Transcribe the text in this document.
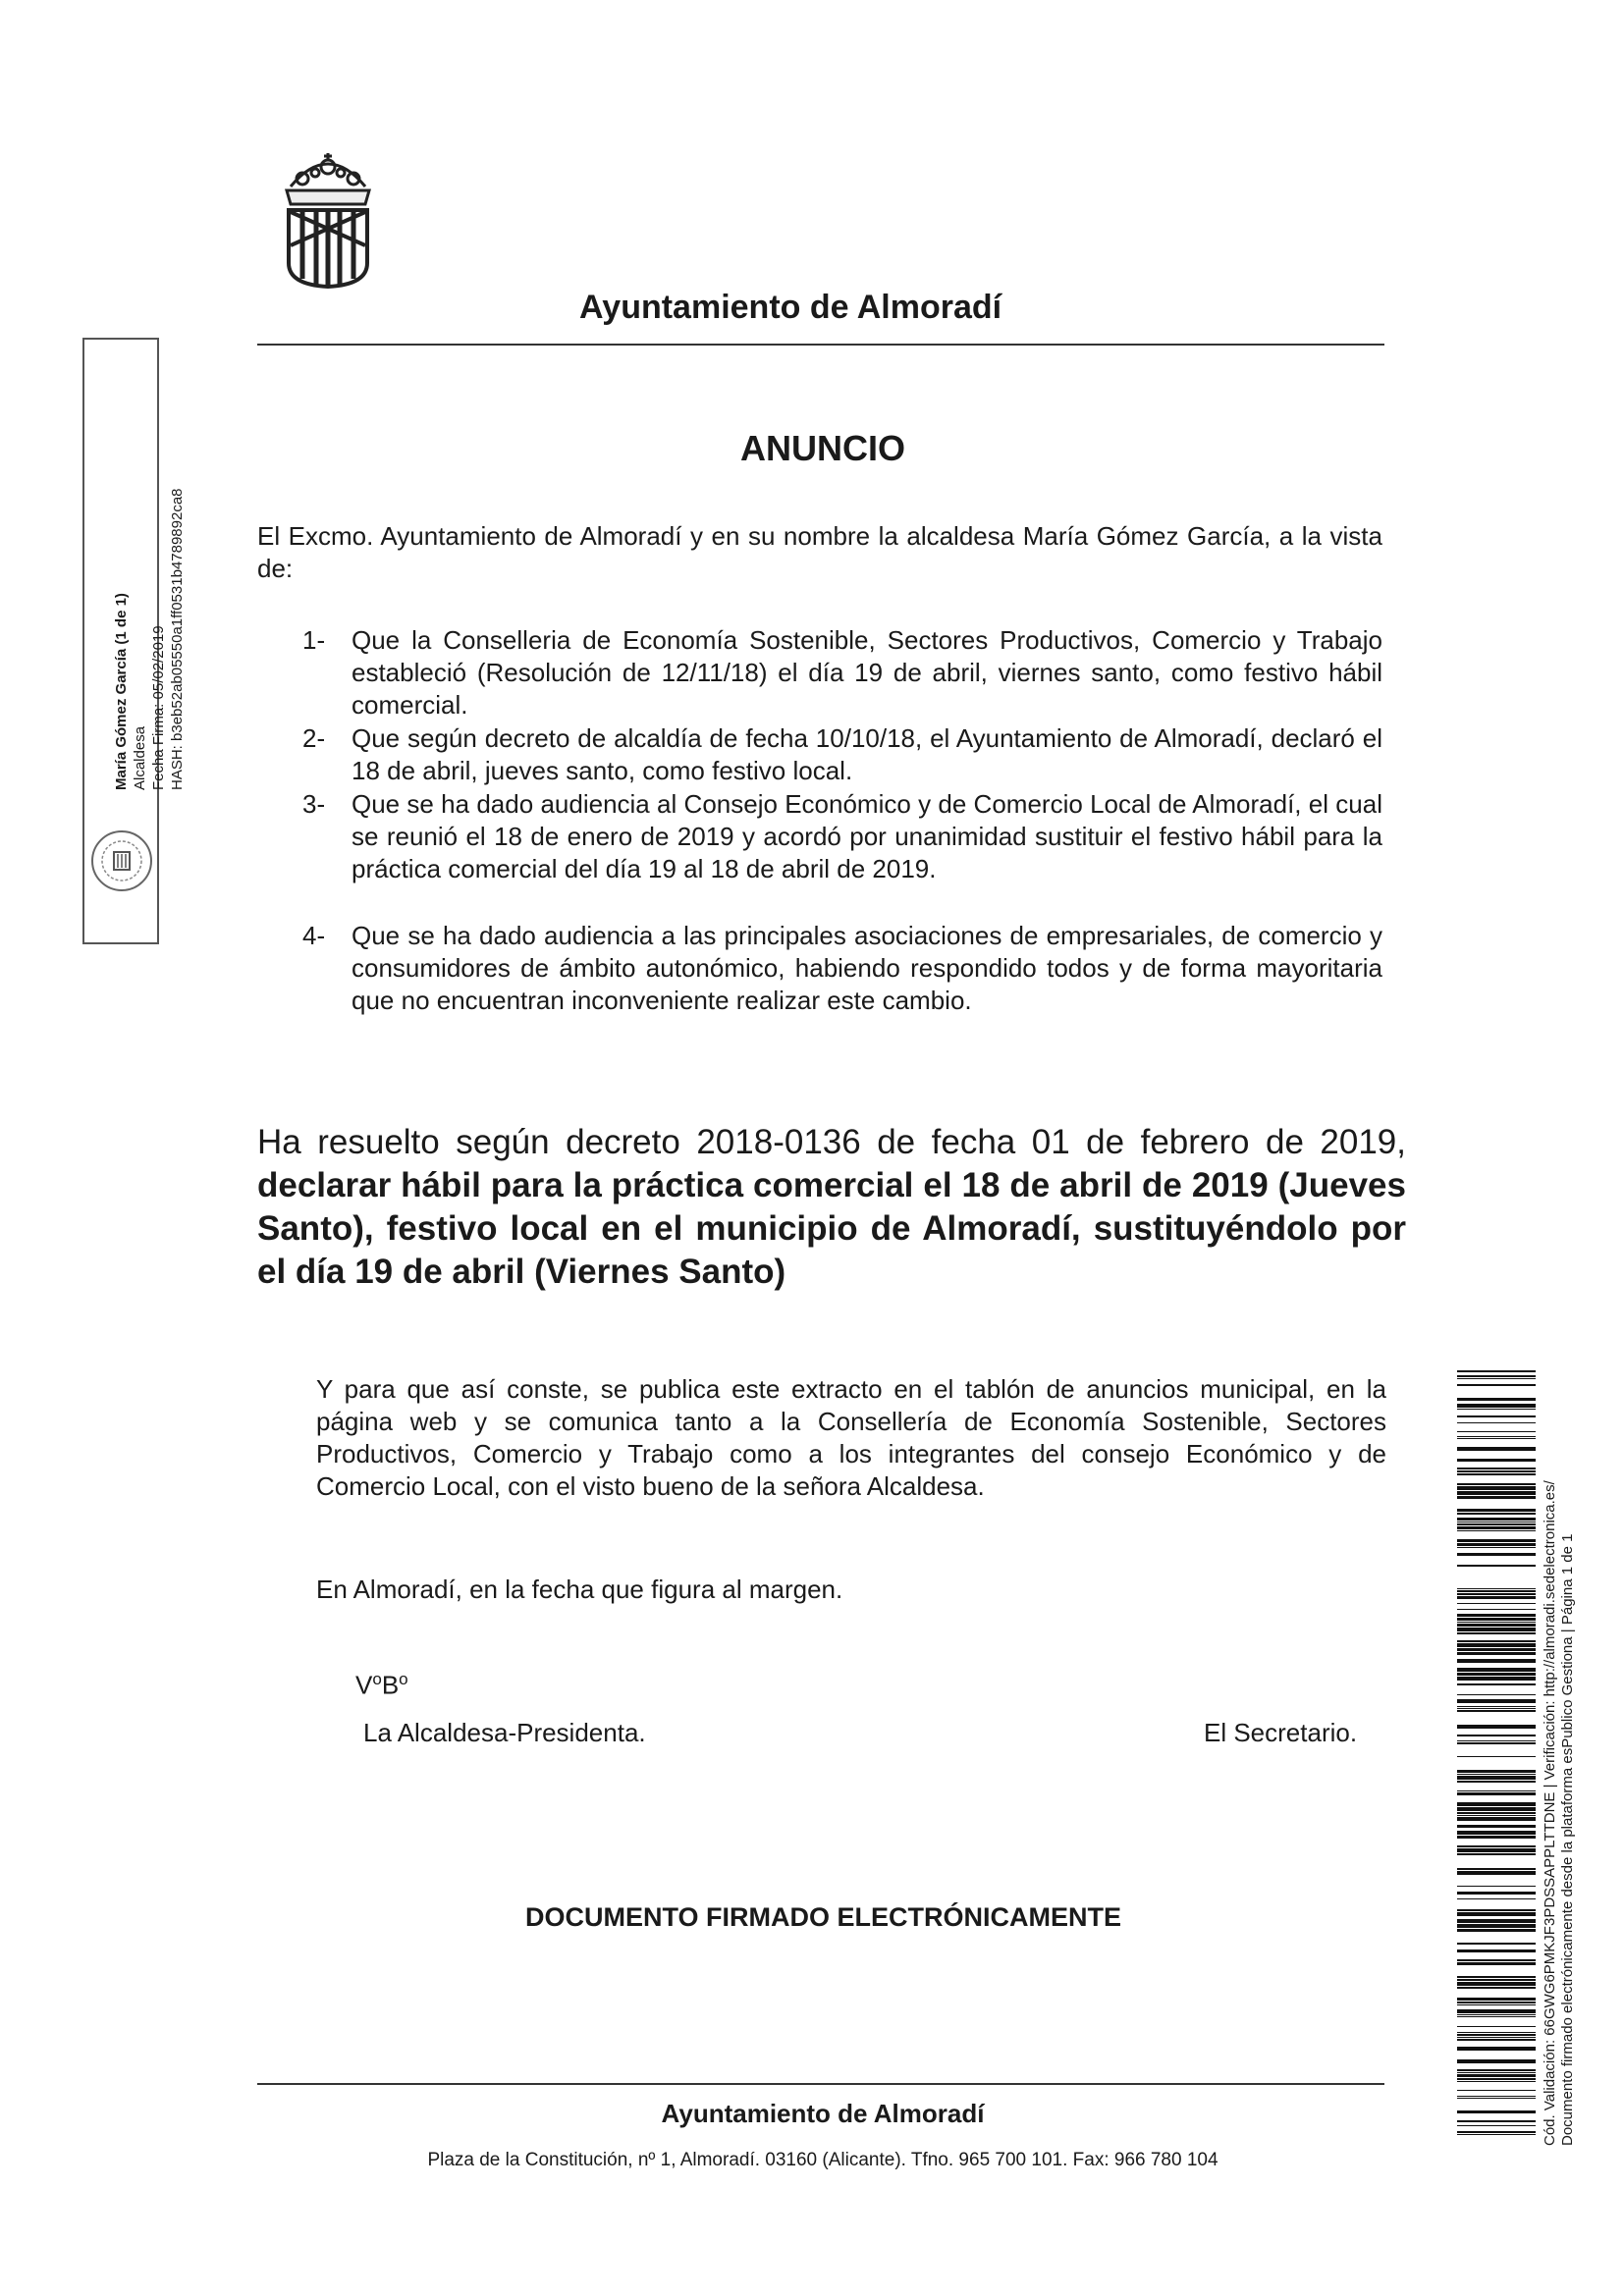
Ayuntamiento de Almoradí
María Gómez García (1 de 1) Alcaldesa Fecha Firma: 05/02/2019 HASH: b3eb52ab05550a1ff0531b4789892ca8
ANUNCIO
El Excmo. Ayuntamiento de Almoradí y en su nombre la alcaldesa María Gómez García, a la vista de:
1- Que la Conselleria de Economía Sostenible, Sectores Productivos, Comercio y Trabajo estableció (Resolución de 12/11/18) el día 19 de abril, viernes santo, como festivo hábil comercial.
2- Que según decreto de alcaldía de fecha 10/10/18, el Ayuntamiento de Almoradí, declaró el 18 de abril, jueves santo, como festivo local.
3- Que se ha dado audiencia al Consejo Económico y de Comercio Local de Almoradí, el cual se reunió el 18 de enero de 2019 y acordó por unanimidad sustituir el festivo hábil para la práctica comercial del día 19 al 18 de abril de 2019.
4- Que se ha dado audiencia a las principales asociaciones de empresariales, de comercio y consumidores de ámbito autonómico, habiendo respondido todos y de forma mayoritaria que no encuentran inconveniente realizar este cambio.
Ha resuelto según decreto 2018-0136 de fecha 01 de febrero de 2019, declarar hábil para la práctica comercial el 18 de abril de 2019 (Jueves Santo), festivo local en el municipio de Almoradí, sustituyéndolo por el día 19 de abril (Viernes Santo)
Y para que así conste, se publica este extracto en el tablón de anuncios municipal, en la página web y se comunica tanto a la Consellería de Economía Sostenible, Sectores Productivos, Comercio y Trabajo como a los integrantes del consejo Económico y de Comercio Local, con el visto bueno de la señora Alcaldesa.
En Almoradí, en la fecha que figura al margen.
$V^oB^o$
La Alcaldesa-Presidenta.	El Secretario.
DOCUMENTO FIRMADO ELECTRÓNICAMENTE
Ayuntamiento de Almoradí
Plaza de la Constitución, nº 1, Almoradí. 03160 (Alicante). Tfno. 965 700 101. Fax: 966 780 104
Cód. Validación: 66GWG6PMKJF3PDSSAPPLTTDNE | Verificación: http://almoradi.sedelectronica.es/ Documento firmado electrónicamente desde la plataforma esPublico Gestiona | Página 1 de 1
